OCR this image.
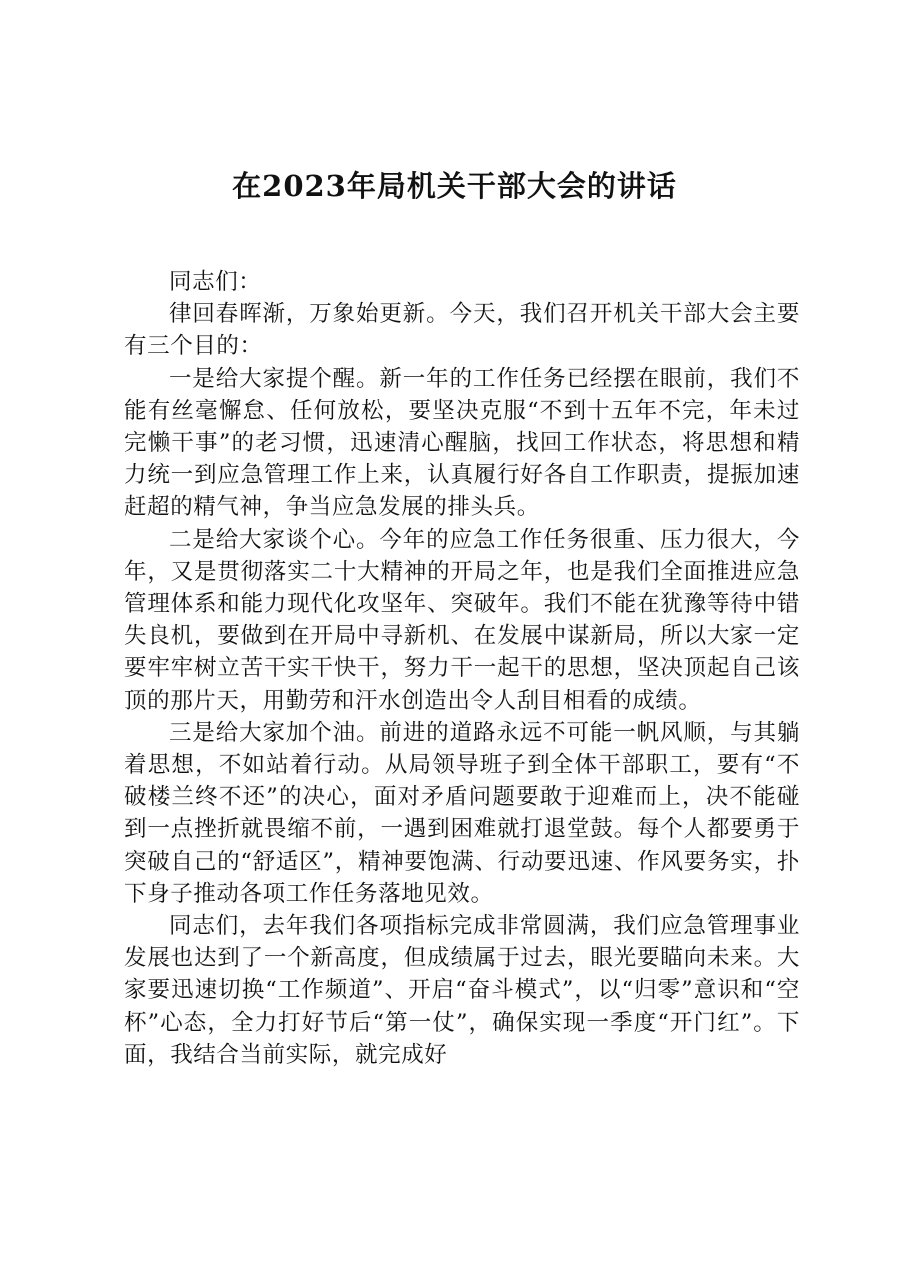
在2023年局机关干部大会的讲话

同志们：

律回春晖渐，万象始更新。今天，我们召开机关干部大会主要有三个目的：

一是给大家提个醒。新一年的工作任务已经摆在眼前，我们不能有丝毫懈怠、任何放松，要坚决克服“不到十五年不完，年未过完懒干事”的老习惯，迅速清心醒脑，找回工作状态，将思想和精力统一到应急管理工作上来，认真履行好各自工作职责，提振加速赶超的精气神，争当应急发展的排头兵。

二是给大家谈个心。今年的应急工作任务很重、压力很大，今年，又是贯彻落实二十大精神的开局之年，也是我们全面推进应急管理体系和能力现代化攻坚年、突破年。我们不能在犹豫等待中错失良机，要做到在开局中寻新机、在发展中谋新局，所以大家一定要牢牢树立苦干实干快干，努力干一起干的思想，坚决顶起自己该顶的那片天，用勤劳和汗水创造出令人刮目相看的成绩。

三是给大家加个油。前进的道路永远不可能一帆风顺，与其躺着思想，不如站着行动。从局领导班子到全体干部职工，要有“不破楼兰终不还”的决心，面对矛盾问题要敢于迎难而上，决不能碰到一点挫折就畏缩不前，一遇到困难就打退堂鼓。每个人都要勇于突破自己的“舒适区”，精神要饱满、行动要迅速、作风要务实，扑下身子推动各项工作任务落地见效。

同志们，去年我们各项指标完成非常圆满，我们应急管理事业发展也达到了一个新高度，但成绩属于过去，眼光要瞄向未来。大家要迅速切换“工作频道”、开启“奋斗模式”，以“归零”意识和“空杯”心态，全力打好节后“第一仗”，确保实现一季度“开门红”。下面，我结合当前实际，就完成好
